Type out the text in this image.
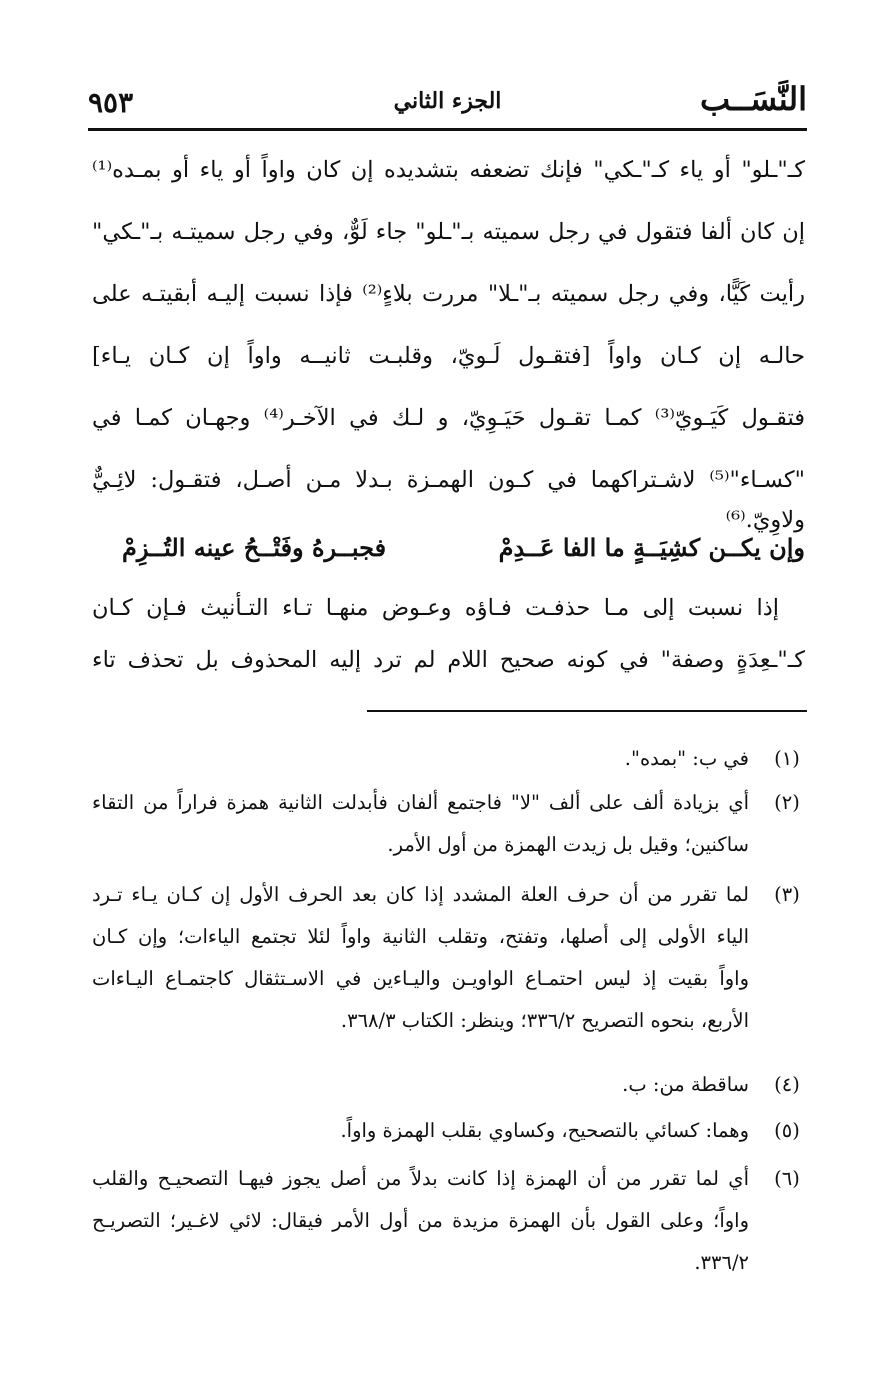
النَّسَــب
الجزء الثاني
٩٥٣
كـ"ـلو" أو ياء كـ"ـكي" فإنك تضعفه بتشديده إن كان واواً أو ياء أو بمـده⁽¹⁾
إن كان ألفا فتقول في رجل سميته بـ"ـلو" جاء لَوٌّ، وفي رجل سميتـه بـ"ـكي"
رأيت كَيًّا، وفي رجل سميته بـ"ـلا" مررت بلاءٍ⁽²⁾ فإذا نسبت إليـه أبقيتـه على
حالـه إن كـان واواً [فتقـول لَـويّ، وقلبـت ثانيــه واواً إن كـان يـاء]
فتقـول كَيَـويّ⁽³⁾ كمـا تقـول حَيَـوِيّ، و لـك في الآخـر⁽⁴⁾ وجهـان كمـا في
"كسـاء"⁽⁵⁾ لاشـتراكهما في كـون الهمـزة بـدلا مـن أصـل، فتقـول: لائِـيٌّ
ولاوِيّ.⁽⁶⁾
وإن يكــن كشِيَــةٍ ما الفا عَــدِمْ
فجبــرهُ وفَتْــحُ عينه التُــزِمْ
إذا نسبت إلى مـا حذفـت فـاؤه وعـوض منهـا تـاء التـأنيث فـإن كـان
كـ"ـعِدَةٍ وصفة" في كونه صحيح اللام لم ترد إليه المحذوف بل تحذف تاء
(١)
في ب: "بمده".
(٢)
أي بزيادة ألف على ألف "لا" فاجتمع ألفان فأبدلت الثانية همزة فراراً من التقاء
ساكنين؛ وقيل بل زيدت الهمزة من أول الأمر.
(٣)
لما تقرر من أن حرف العلة المشدد إذا كان بعد الحرف الأول إن كـان يـاء تـرد
الياء الأولى إلى أصلها، وتفتح، وتقلب الثانية واواً لئلا تجتمع الياءات؛ وإن كـان
واواً بقيت إذ ليس احتمـاع الواويـن واليـاءين في الاسـتثقال كاجتمـاع اليـاءات
الأربع، بنحوه التصريح ٣٣٦/٢؛ وينظر: الكتاب ٣٦٨/٣.
(٤)
ساقطة من: ب.
(٥)
وهما: كسائي بالتصحيح، وكساوي بقلب الهمزة واواً.
(٦)
أي لما تقرر من أن الهمزة إذا كانت بدلاً من أصل يجوز فيهـا التصحيـح والقلب
واواً؛ وعلى القول بأن الهمزة مزيدة من أول الأمر فيقال: لائي لاغـير؛ التصريـح
٣٣٦/٢.
